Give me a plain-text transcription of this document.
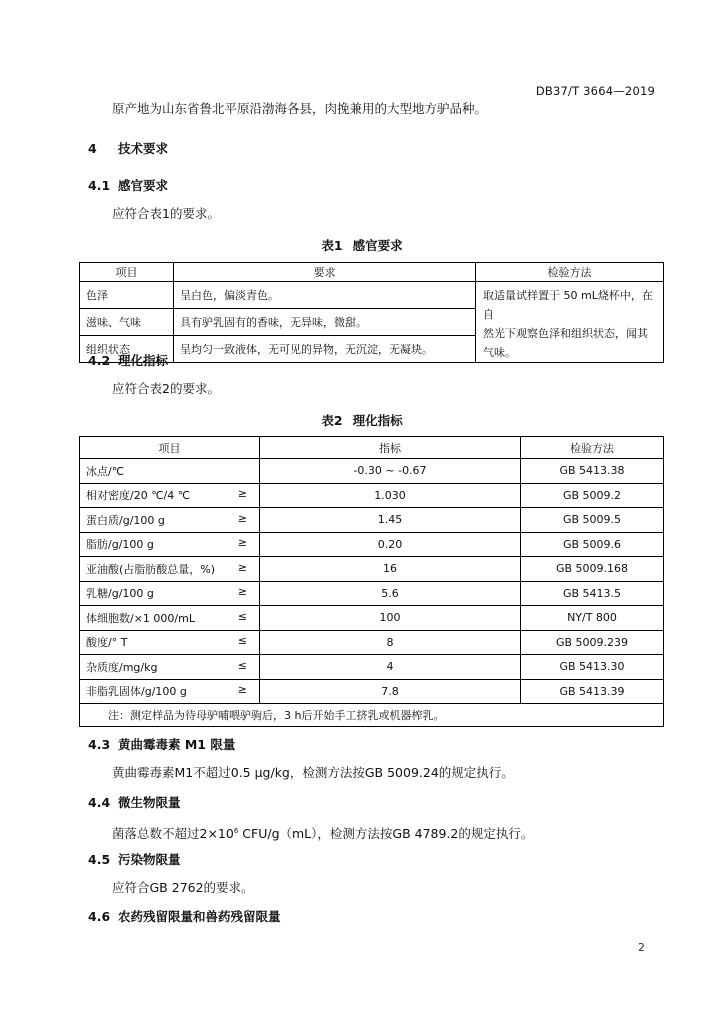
DB37/T 3664—2019
原产地为山东省鲁北平原沿渤海各县，肉挽兼用的大型地方驴品种。
4 技术要求
4.1 感官要求
应符合表1的要求。
表1 感官要求
项目	要求	检验方法
色泽	呈白色，偏淡青色。	取适量试样置于 50 mL烧杯中，在自
然光下观察色泽和组织状态，闻其
气味。

滋味、气味	具有驴乳固有的香味，无异味，微甜。	
组织状态	呈均匀一致液体，无可见的异物，无沉淀，无凝块。	
4.2 理化指标
应符合表2的要求。
表2 理化指标
项目	指标	检验方法

冰点/℃	-0.30 ~ -0.67	GB 5413.38

相对密度/20 ℃/4 ℃ ≥	1.030	GB 5009.2

蛋白质/g/100 g ≥	1.45	GB 5009.5

脂肪/g/100 g ≥	0.20	GB 5009.6

亚油酸(占脂肪酸总量，%) ≥	16	GB 5009.168

乳糖/g/100 g ≥	5.6	GB 5413.5

体细胞数/×1 000/mL ≤	100	NY/T 800

酸度/° T ≤	8	GB 5009.239

杂质度/mg/kg ≤	4	GB 5413.30

非脂乳固体/g/100 g ≥	7.8	GB 5413.39
注：测定样品为待母驴哺喂驴驹后，3 h后开始手工挤乳或机器榨乳。		
4.3 黄曲霉毒素 M1 限量
黄曲霉毒素M1不超过0.5 μg/kg，检测方法按GB 5009.24的规定执行。
4.4 微生物限量
菌落总数不超过$2\times 10^6$ CFU/g（mL），检测方法按GB 4789.2的规定执行。
4.5 污染物限量
应符合GB 2762的要求。
4.6 农药残留限量和兽药残留限量
2
